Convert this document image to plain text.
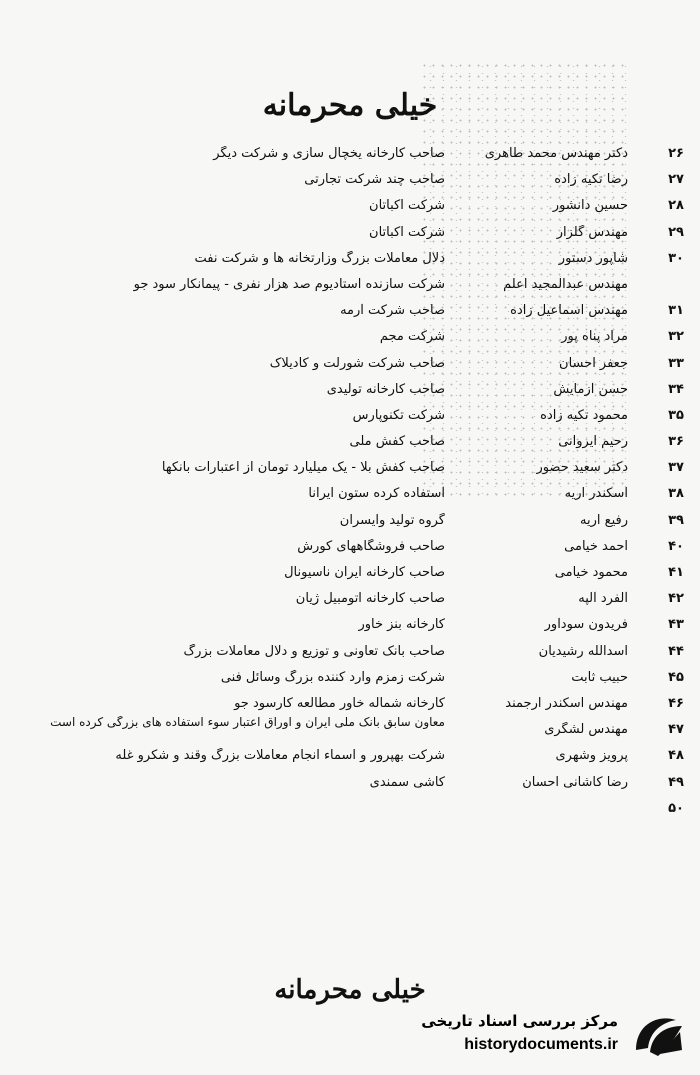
خیلی محرمانه
۲۶
دکتر مهندس محمد طاهری
صاحب کارخانه یخچال سازی و شرکت دیگر
۲۷
رضا تکیه زاده
صاحب چند شرکت تجارتی
۲۸
حسین دانشور
شرکت اکباتان
۲۹
مهندس گلزار
شرکت اکباتان
۳۰
شاپور دستور
دلال معاملات بزرگ وزارتخانه ها و شرکت نفت
مهندس عبدالمجید اعلم
شرکت سازنده استادیوم صد هزار نفری - پیمانکار سود جو
۳۱
مهندس اسماعیل زاده
صاحب شرکت آرمه
۳۲
مراد پناه پور
شرکت مجم
۳۳
جعفر احسان
صاحب شرکت شورلت و کادیلاک
۳۴
حسن آزمایش
صاحب کارخانه تولیدی
۳۵
محمود تکیه زاده
شرکت تکنوپارس
۳۶
رحیم ایروانی
صاحب کفش ملی
۳۷
دکتر سعید حضور
صاحب کفش بلا - یک میلیارد تومان از اعتبارات بانکها
۳۸
اسکندر اریه
استفاده کرده ستون ایرانا
۳۹
رفیع اریه
گروه تولید وایسران
۴۰
احمد خیامی
صاحب فروشگاههای کورش
۴۱
محمود خیامی
صاحب کارخانه ایران ناسیونال
۴۲
آلفرد آلپه
صاحب کارخانه اتومبیل ژیان
۴۳
فریدون سودآور
کارخانه بنز خاور
۴۴
اسدالله رشیدیان
صاحب بانک تعاونی و توزیع و دلال معاملات بزرگ
۴۵
حبیب ثابت
شرکت زمزم وارد کننده بزرگ وسائل فنی
۴۶
مهندس اسکندر ارجمند
کارخانه شماله خاور مطالعه کارسود جو
۴۷
مهندس لشگری
معاون سابق بانک ملی ایران و اوراق اعتبار سوء استفاده های بزرگی کرده است
۴۸
پرویز وشهری
شرکت بهپرور و اسماء انجام معاملات بزرگ وقند و شکرو غله
۴۹
رضا کاشانی احسان
کاشی سمندی
۵۰
خیلی محرمانه
مرکز بررسی اسناد تاریخی
historydocuments.ir
